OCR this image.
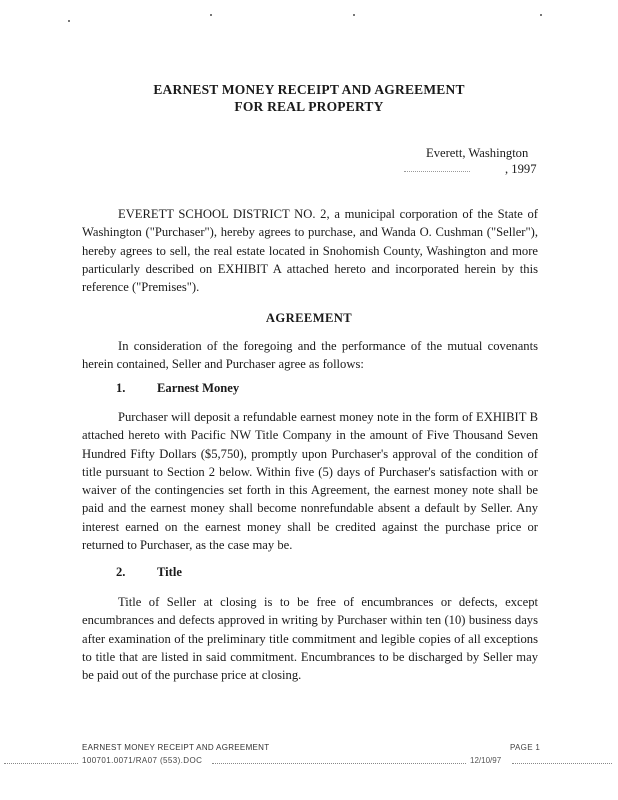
EARNEST MONEY RECEIPT AND AGREEMENT
FOR REAL PROPERTY
Everett, Washington
, 1997
EVERETT SCHOOL DISTRICT NO. 2, a municipal corporation of the State of Washington ("Purchaser"), hereby agrees to purchase, and Wanda O. Cushman ("Seller"), hereby agrees to sell, the real estate located in Snohomish County, Washington and more particularly described on EXHIBIT A attached hereto and incorporated herein by this reference ("Premises").
AGREEMENT
In consideration of the foregoing and the performance of the mutual covenants herein contained, Seller and Purchaser agree as follows:
1.	Earnest Money
Purchaser will deposit a refundable earnest money note in the form of EXHIBIT B attached hereto with Pacific NW Title Company in the amount of Five Thousand Seven Hundred Fifty Dollars ($5,750), promptly upon Purchaser's approval of the condition of title pursuant to Section 2 below. Within five (5) days of Purchaser's satisfaction with or waiver of the contingencies set forth in this Agreement, the earnest money note shall be paid and the earnest money shall become nonrefundable absent a default by Seller. Any interest earned on the earnest money shall be credited against the purchase price or returned to Purchaser, as the case may be.
2.	Title
Title of Seller at closing is to be free of encumbrances or defects, except encumbrances and defects approved in writing by Purchaser within ten (10) business days after examination of the preliminary title commitment and legible copies of all exceptions to title that are listed in said commitment. Encumbrances to be discharged by Seller may be paid out of the purchase price at closing.
EARNEST MONEY RECEIPT AND AGREEMENT	PAGE 1
100701.0071/RA07 (553).DOC	12/10/97
